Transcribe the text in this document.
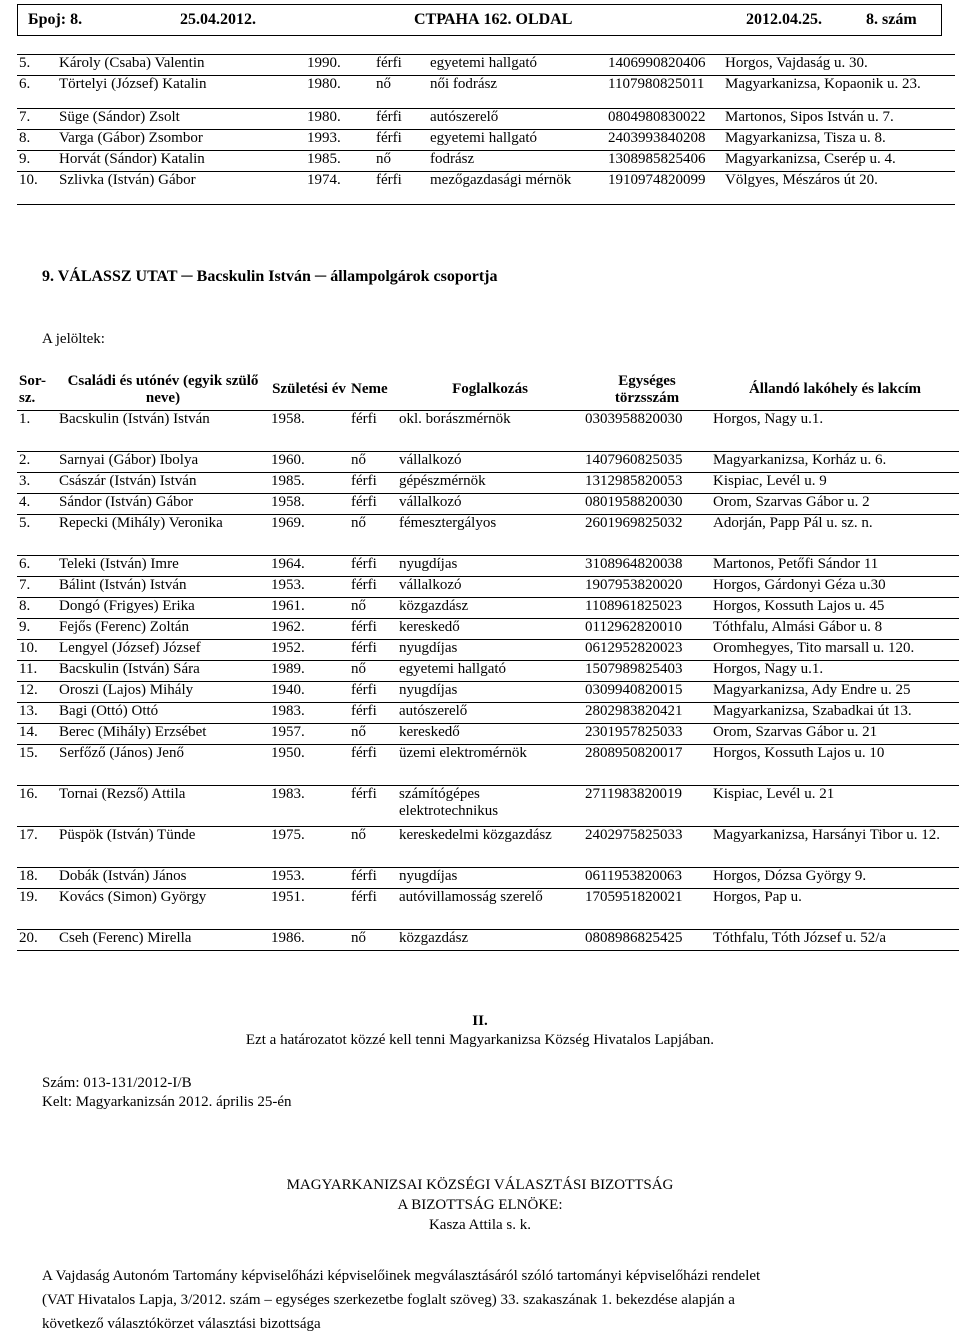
Број: 8.	25.04.2012.	СТРАНА 162. OLDAL	2012.04.25.	8. szám
5.	Károly (Csaba) Valentin	1990.	férfi	egyetemi hallgató	1406990820406	Horgos, Vajdaság u. 30.
6.	Törtelyi (József) Katalin	1980.	nő	női fodrász	1107980825011	Magyarkanizsa, Kopaonik u. 23.
7.	Süge (Sándor) Zsolt	1980.	férfi	autószerelő	0804980830022	Martonos, Sipos István u. 7.
8.	Varga (Gábor) Zsombor	1993.	férfi	egyetemi hallgató	2403993840208	Magyarkanizsa, Tisza u. 8.
9.	Horvát (Sándor) Katalin	1985.	nő	fodrász	1308985825406	Magyarkanizsa, Cserép u. 4.
10.	Szlivka (István) Gábor	1974.	férfi	mezőgazdasági mérnök	1910974820099	Völgyes, Mészáros út 20.
9. VÁLASSZ UTAT ─ Bacskulin István ─ állampolgárok csoportja
A jelöltek:
Sor-sz.	Családi és utónév (egyik szülő neve)	Születési év	Neme	Foglalkozás	Egységes törzsszám	Állandó lakóhely és lakcím
1.	Bacskulin (István) István	1958.	férfi	okl. borászmérnök	0303958820030	Horgos, Nagy u.1.
2.	Sarnyai (Gábor) Ibolya	1960.	nő	vállalkozó	1407960825035	Magyarkanizsa, Korház u. 6.
3.	Császár (István) István	1985.	férfi	gépészmérnök	1312985820053	Kispiac, Levél u. 9
4.	Sándor (István) Gábor	1958.	férfi	vállalkozó	0801958820030	Orom, Szarvas Gábor u. 2
5.	Repecki (Mihály) Veronika	1969.	nő	fémesztergályos	2601969825032	Adorján, Papp Pál u. sz. n.
6.	Teleki (István) Imre	1964.	férfi	nyugdíjas	3108964820038	Martonos, Petőfi Sándor 11
7.	Bálint (István) István	1953.	férfi	vállalkozó	1907953820020	Horgos, Gárdonyi Géza u.30
8.	Dongó (Frigyes) Erika	1961.	nő	közgazdász	1108961825023	Horgos, Kossuth Lajos u. 45
9.	Fejős (Ferenc) Zoltán	1962.	férfi	kereskedő	0112962820010	Tóthfalu, Almási Gábor u. 8
10.	Lengyel (József) József	1952.	férfi	nyugdíjas	0612952820023	Oromhegyes, Tito marsall u. 120.
11.	Bacskulin (István) Sára	1989.	nő	egyetemi hallgató	1507989825403	Horgos, Nagy u.1.
12.	Oroszi (Lajos) Mihály	1940.	férfi	nyugdíjas	0309940820015	Magyarkanizsa, Ady Endre u. 25
13.	Bagi (Ottó) Ottó	1983.	férfi	autószerelő	2802983820421	Magyarkanizsa, Szabadkai út 13.
14.	Berec (Mihály) Erzsébet	1957.	nő	kereskedő	2301957825033	Orom, Szarvas Gábor u. 21
15.	Serfőző (János) Jenő	1950.	férfi	üzemi elektromérnök	2808950820017	Horgos, Kossuth Lajos u. 10
16.	Tornai (Rezső) Attila	1983.	férfi	számítógépes elektrotechnikus	2711983820019	Kispiac, Levél u. 21
17.	Püspök (István) Tünde	1975.	nő	kereskedelmi közgazdász	2402975825033	Magyarkanizsa, Harsányi Tibor u. 12.
18.	Dobák (István) János	1953.	férfi	nyugdíjas	0611953820063	Horgos, Dózsa György 9.
19.	Kovács (Simon) György	1951.	férfi	autóvillamosság szerelő	1705951820021	Horgos, Pap u.
20.	Cseh (Ferenc) Mirella	1986.	nő	közgazdász	0808986825425	Tóthfalu, Tóth József u. 52/a
II.
Ezt a határozatot közzé kell tenni Magyarkanizsa Község Hivatalos Lapjában.
Szám: 013-131/2012-I/B
Kelt: Magyarkanizsán 2012. április 25-én
MAGYARKANIZSAI KÖZSÉGI VÁLASZTÁSI BIZOTTSÁG
A BIZOTTSÁG ELNÖKE:
Kasza Attila s. k.
A Vajdaság Autonóm Tartomány képviselőházi képviselőinek megválasztásáról szóló tartományi képviselőházi rendelet
(VAT Hivatalos Lapja, 3/2012. szám – egységes szerkezetbe foglalt szöveg) 33. szakaszának 1. bekezdése alapján a
következő választókörzet választási bizottsága
